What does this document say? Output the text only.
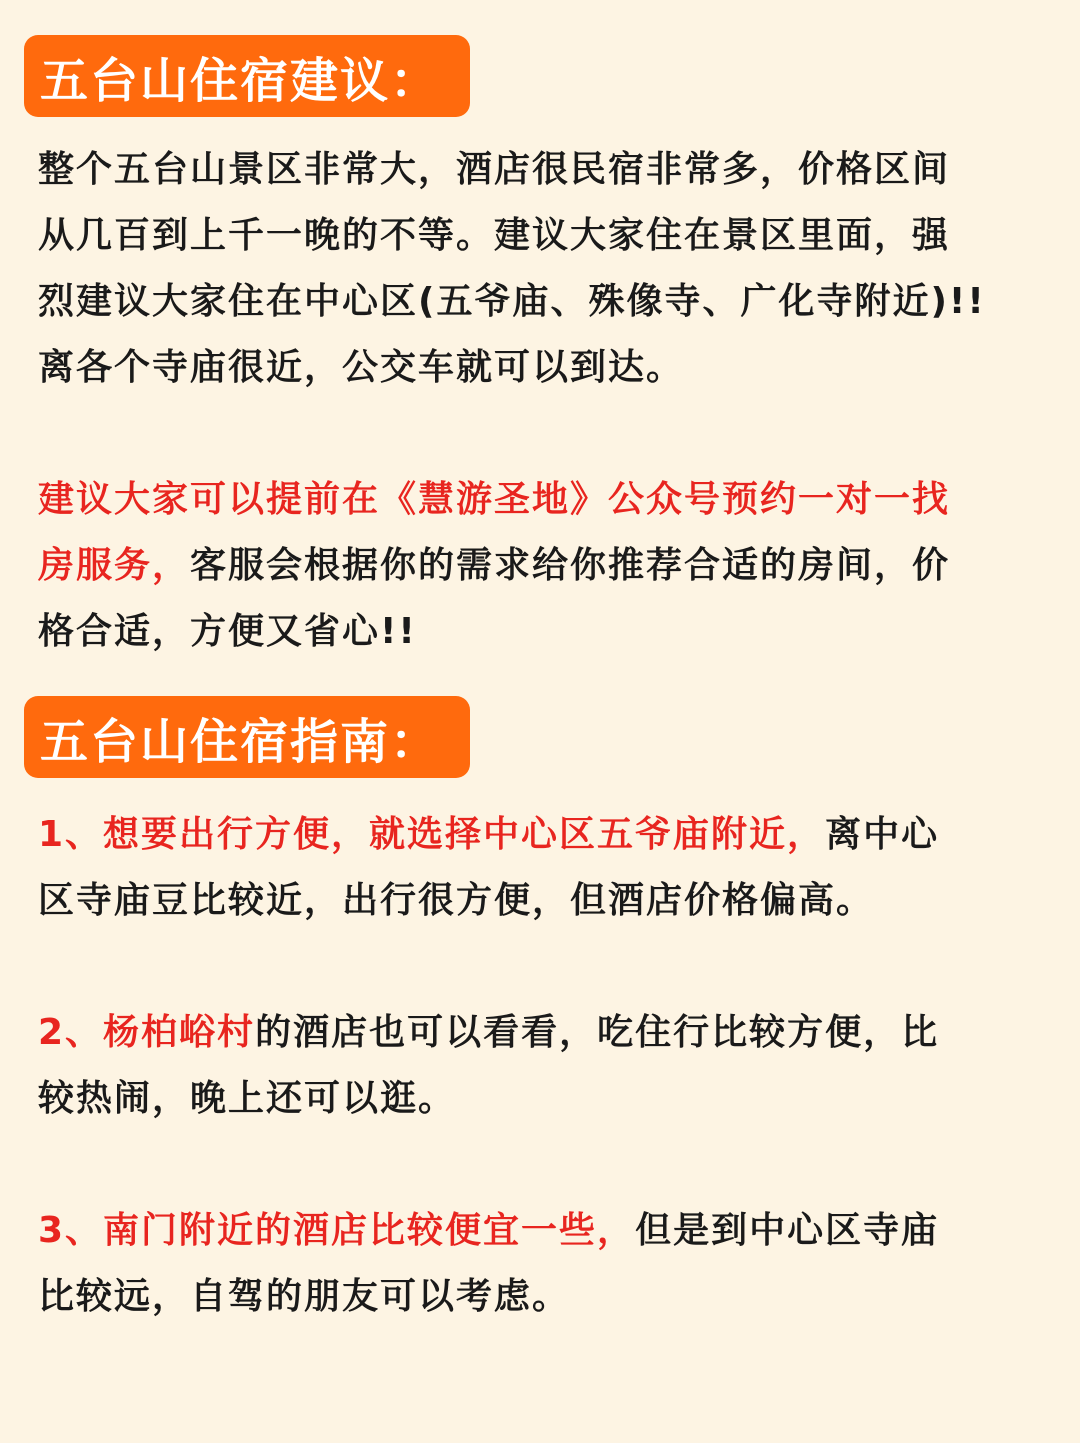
五台山住宿建议：

整个五台山景区非常大，酒店很民宿非常多，价格区间
从几百到上千一晚的不等。建议大家住在景区里面，强
烈建议大家住在中心区(五爷庙、殊像寺、广化寺附近)!!
离各个寺庙很近，公交车就可以到达。

建议大家可以提前在《慧游圣地》公众号预约一对一找
房服务，客服会根据你的需求给你推荐合适的房间，价
格合适，方便又省心!!

五台山住宿指南：

1、想要出行方便，就选择中心区五爷庙附近，离中心
区寺庙豆比较近，出行很方便，但酒店价格偏高。

2、杨柏峪村的酒店也可以看看，吃住行比较方便，比
较热闹，晚上还可以逛。

3、南门附近的酒店比较便宜一些，但是到中心区寺庙
比较远，自驾的朋友可以考虑。
